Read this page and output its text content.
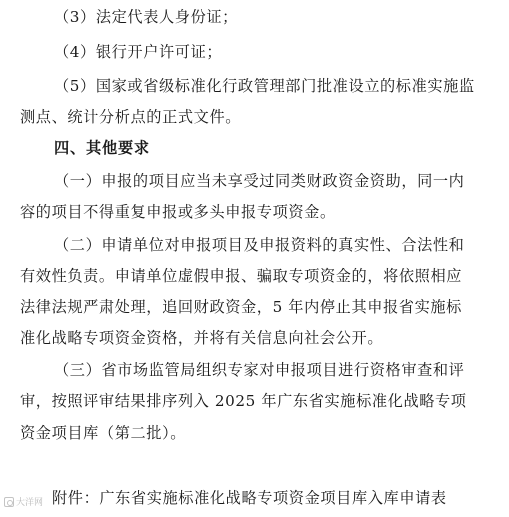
（3）法定代表人身份证；
（4）银行开户许可证；
（5）国家或省级标准化行政管理部门批准设立的标准实施监
测点、统计分析点的正式文件。
四、其他要求
（一）申报的项目应当未享受过同类财政资金资助，同一内
容的项目不得重复申报或多头申报专项资金。
（二）申请单位对申报项目及申报资料的真实性、合法性和
有效性负责。申请单位虚假申报、骗取专项资金的，将依照相应
法律法规严肃处理，追回财政资金，5 年内停止其申报省实施标
准化战略专项资金资格，并将有关信息向社会公开。
（三）省市场监管局组织专家对申报项目进行资格审查和评
审，按照评审结果排序列入 2025 年广东省实施标准化战略专项
资金项目库（第二批）。
附件：广东省实施标准化战略专项资金项目库入库申请表
大洋网
